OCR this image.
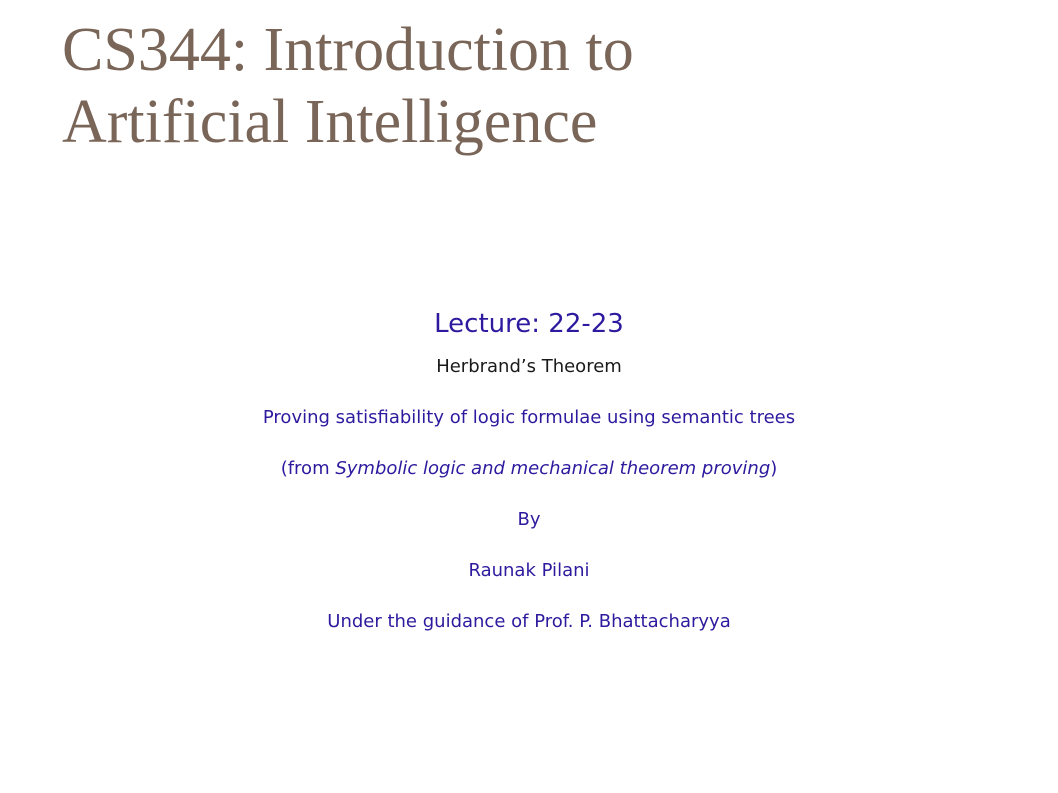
CS344: Introduction to
Artificial Intelligence
Lecture: 22-23
Herbrand’s Theorem
Proving satisfiability of logic formulae using semantic trees
(from Symbolic logic and mechanical theorem proving)
By
Raunak Pilani
Under the guidance of Prof. P. Bhattacharyya
